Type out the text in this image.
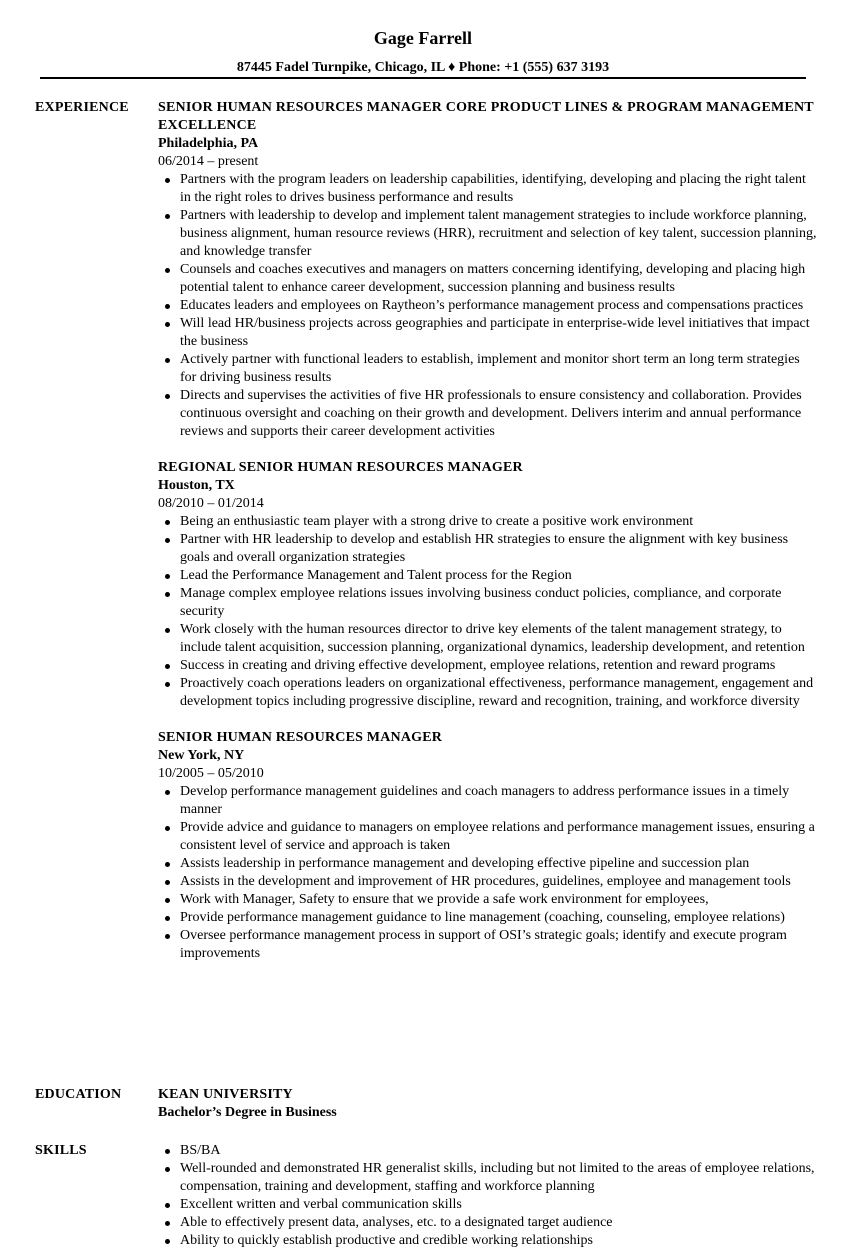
Gage Farrell
87445 Fadel Turnpike, Chicago, IL ♦ Phone: +1 (555) 637 3193
EXPERIENCE SENIOR HUMAN RESOURCES MANAGER CORE PRODUCT LINES & PROGRAM MANAGEMENT EXCELLENCE
Philadelphia, PA
06/2014 – present
Partners with the program leaders on leadership capabilities, identifying, developing and placing the right talent in the right roles to drives business performance and results
Partners with leadership to develop and implement talent management strategies to include workforce planning, business alignment, human resource reviews (HRR), recruitment and selection of key talent, succession planning, and knowledge transfer
Counsels and coaches executives and managers on matters concerning identifying, developing and placing high potential talent to enhance career development, succession planning and business results
Educates leaders and employees on Raytheon’s performance management process and compensations practices
Will lead HR/business projects across geographies and participate in enterprise-wide level initiatives that impact the business
Actively partner with functional leaders to establish, implement and monitor short term an long term strategies for driving business results
Directs and supervises the activities of five HR professionals to ensure consistency and collaboration. Provides continuous oversight and coaching on their growth and development. Delivers interim and annual performance reviews and supports their career development activities
REGIONAL SENIOR HUMAN RESOURCES MANAGER
Houston, TX
08/2010 – 01/2014
Being an enthusiastic team player with a strong drive to create a positive work environment
Partner with HR leadership to develop and establish HR strategies to ensure the alignment with key business goals and overall organization strategies
Lead the Performance Management and Talent process for the Region
Manage complex employee relations issues involving business conduct policies, compliance, and corporate security
Work closely with the human resources director to drive key elements of the talent management strategy, to include talent acquisition, succession planning, organizational dynamics, leadership development, and retention
Success in creating and driving effective development, employee relations, retention and reward programs
Proactively coach operations leaders on organizational effectiveness, performance management, engagement and development topics including progressive discipline, reward and recognition, training, and workforce diversity
SENIOR HUMAN RESOURCES MANAGER
New York, NY
10/2005 – 05/2010
Develop performance management guidelines and coach managers to address performance issues in a timely manner
Provide advice and guidance to managers on employee relations and performance management issues, ensuring a consistent level of service and approach is taken
Assists leadership in performance management and developing effective pipeline and succession plan
Assists in the development and improvement of HR procedures, guidelines, employee and management tools
Work with Manager, Safety to ensure that we provide a safe work environment for employees,
Provide performance management guidance to line management (coaching, counseling, employee relations)
Oversee performance management process in support of OSI’s strategic goals; identify and execute program improvements
EDUCATION	KEAN UNIVERSITY
Bachelor’s Degree in Business
SKILLS	BS/BA
Well-rounded and demonstrated HR generalist skills, including but not limited to the areas of employee relations, compensation, training and development, staffing and workforce planning
Excellent written and verbal communication skills
Able to effectively present data, analyses, etc. to a designated target audience
Ability to quickly establish productive and credible working relationships
